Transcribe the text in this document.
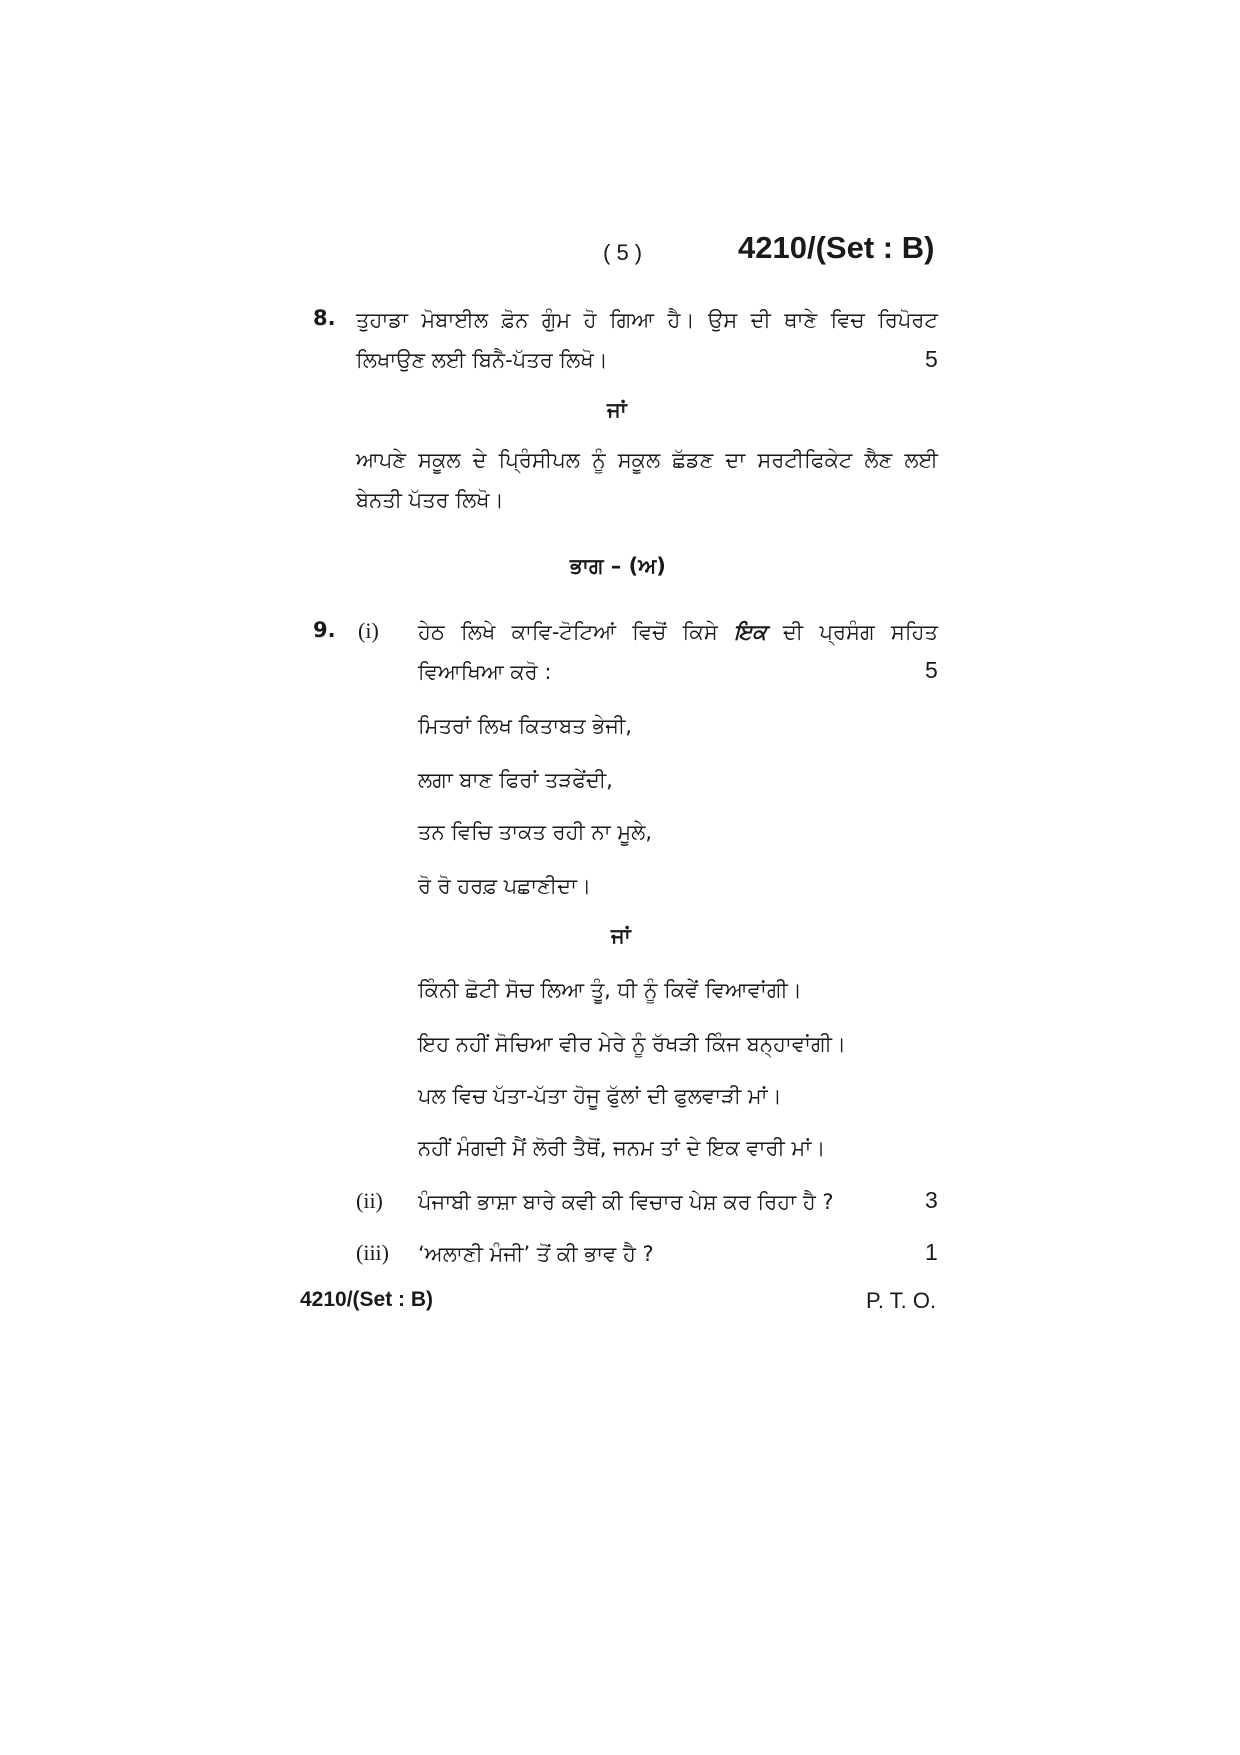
( 5 )	4210/(Set : B)
8. ਤੁਹਾਡਾ ਮੋਬਾਈਲ ਫ਼ੋਨ ਗੁੰਮ ਹੋ ਗਿਆ ਹੈ। ਉਸ ਦੀ ਥਾਣੇ ਵਿਚ ਰਿਪੋਰਟ
ਲਿਖਾਉਣ ਲਈ ਬਿਨੈ-ਪੱਤਰ ਲਿਖੋ।	5
ਜਾਂ
ਆਪਣੇ ਸਕੂਲ ਦੇ ਪ੍ਰਿੰਸੀਪਲ ਨੂੰ ਸਕੂਲ ਛੱਡਣ ਦਾ ਸਰਟੀਫਿਕੇਟ ਲੈਣ ਲਈ
ਬੇਨਤੀ ਪੱਤਰ ਲਿਖੋ।
ਭਾਗ – (ਅ)
9. (i) ਹੇਠ ਲਿਖੇ ਕਾਵਿ-ਟੋਟਿਆਂ ਵਿਚੋਂ ਕਿਸੇ ਇਕ ਦੀ ਪ੍ਰਸੰਗ ਸਹਿਤ
ਵਿਆਖਿਆ ਕਰੋ :	5
ਮਿਤਰਾਂ ਲਿਖ ਕਿਤਾਬਤ ਭੇਜੀ,
ਲਗਾ ਬਾਣ ਫਿਰਾਂ ਤੜਫੇਂਦੀ,
ਤਨ ਵਿਚਿ ਤਾਕਤ ਰਹੀ ਨਾ ਮੂਲੇ,
ਰੋ ਰੋ ਹਰਫ਼ ਪਛਾਣੀਦਾ।
ਜਾਂ
ਕਿੰਨੀ ਛੋਟੀ ਸੋਚ ਲਿਆ ਤੂੰ, ਧੀ ਨੂੰ ਕਿਵੇਂ ਵਿਆਵਾਂਗੀ।
ਇਹ ਨਹੀਂ ਸੋਚਿਆ ਵੀਰ ਮੇਰੇ ਨੂੰ ਰੱਖੜੀ ਕਿੰਜ ਬਨ੍ਹਾਵਾਂਗੀ।
ਪਲ ਵਿਚ ਪੱਤਾ-ਪੱਤਾ ਹੋਜੂ ਫੁੱਲਾਂ ਦੀ ਫੁਲਵਾੜੀ ਮਾਂ।
ਨਹੀਂ ਮੰਗਦੀ ਮੈਂ ਲੋਰੀ ਤੈਥੋਂ, ਜਨਮ ਤਾਂ ਦੇ ਇਕ ਵਾਰੀ ਮਾਂ।
(ii) ਪੰਜਾਬੀ ਭਾਸ਼ਾ ਬਾਰੇ ਕਵੀ ਕੀ ਵਿਚਾਰ ਪੇਸ਼ ਕਰ ਰਿਹਾ ਹੈ ?	3
(iii) ‘ਅਲਾਣੀ ਮੰਜੀ’ ਤੋਂ ਕੀ ਭਾਵ ਹੈ ?	1
4210/(Set : B)	P. T. O.
